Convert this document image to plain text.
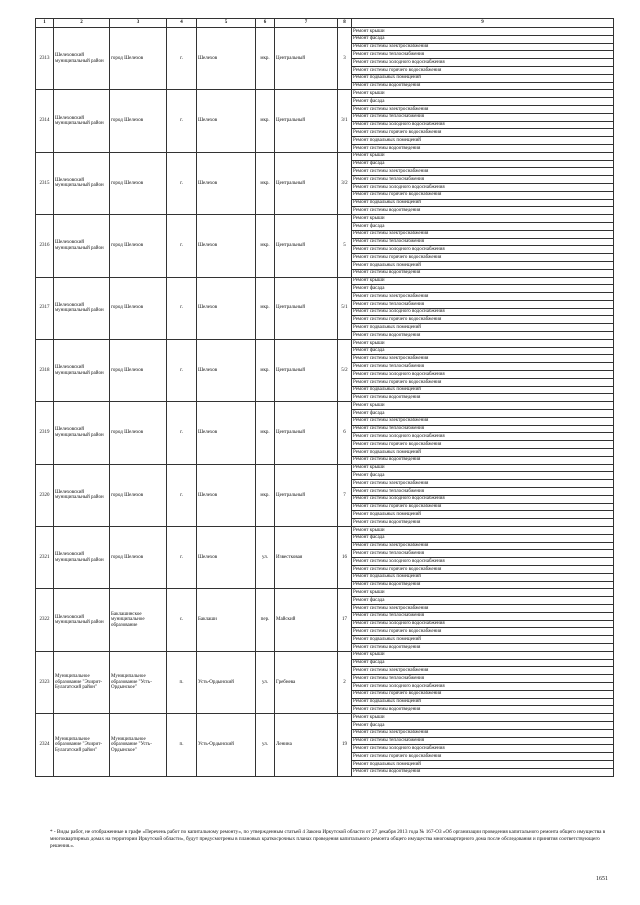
1	2	3	4	5	6	7	8	9
2313	Шелеховский муниципальный район	город Шелехов	г.	Шелехов	мкр.	Центральный	3	Ремонт крыши
								Ремонт фасада
								Ремонт системы электроснабжения
								Ремонт системы теплоснабжения
								Ремонт системы холодного водоснабжения
								Ремонт системы горячего водоснабжения
								Ремонт подвальных помещений
								Ремонт системы водоотведения
2314	Шелеховский муниципальный район	город Шелехов	г.	Шелехов	мкр.	Центральный	3/1	Ремонт крыши
								Ремонт фасада
								Ремонт системы электроснабжения
								Ремонт системы теплоснабжения
								Ремонт системы холодного водоснабжения
								Ремонт системы горячего водоснабжения
								Ремонт подвальных помещений
								Ремонт системы водоотведения
2315	Шелеховский муниципальный район	город Шелехов	г.	Шелехов	мкр.	Центральный	3/2	Ремонт крыши
								Ремонт фасада
								Ремонт системы электроснабжения
								Ремонт системы теплоснабжения
								Ремонт системы холодного водоснабжения
								Ремонт системы горячего водоснабжения
								Ремонт подвальных помещений
								Ремонт системы водоотведения
2316	Шелеховский муниципальный район	город Шелехов	г.	Шелехов	мкр.	Центральный	5	Ремонт крыши
								Ремонт фасада
								Ремонт системы электроснабжения
								Ремонт системы теплоснабжения
								Ремонт системы холодного водоснабжения
								Ремонт системы горячего водоснабжения
								Ремонт подвальных помещений
								Ремонт системы водоотведения
2317	Шелеховский муниципальный район	город Шелехов	г.	Шелехов	мкр.	Центральный	5/1	Ремонт крыши
								Ремонт фасада
								Ремонт системы электроснабжения
								Ремонт системы теплоснабжения
								Ремонт системы холодного водоснабжения
								Ремонт системы горячего водоснабжения
								Ремонт подвальных помещений
								Ремонт системы водоотведения
2318	Шелеховский муниципальный район	город Шелехов	г.	Шелехов	мкр.	Центральный	5/2	Ремонт крыши
								Ремонт фасада
								Ремонт системы электроснабжения
								Ремонт системы теплоснабжения
								Ремонт системы холодного водоснабжения
								Ремонт системы горячего водоснабжения
								Ремонт подвальных помещений
								Ремонт системы водоотведения
2319	Шелеховский муниципальный район	город Шелехов	г.	Шелехов	мкр.	Центральный	6	Ремонт крыши
								Ремонт фасада
								Ремонт системы электроснабжения
								Ремонт системы теплоснабжения
								Ремонт системы холодного водоснабжения
								Ремонт системы горячего водоснабжения
								Ремонт подвальных помещений
								Ремонт системы водоотведения
2320	Шелеховский муниципальный район	город Шелехов	г.	Шелехов	мкр.	Центральный	7	Ремонт крыши
								Ремонт фасада
								Ремонт системы электроснабжения
								Ремонт системы теплоснабжения
								Ремонт системы холодного водоснабжения
								Ремонт системы горячего водоснабжения
								Ремонт подвальных помещений
								Ремонт системы водоотведения
2321	Шелеховский муниципальный район	город Шелехов	г.	Шелехов	ул.	Известковая	16	Ремонт крыши
								Ремонт фасада
								Ремонт системы электроснабжения
								Ремонт системы теплоснабжения
								Ремонт системы холодного водоснабжения
								Ремонт системы горячего водоснабжения
								Ремонт подвальных помещений
								Ремонт системы водоотведения
2322	Шелеховский муниципальный район	Баклашинское муниципальное образование	с.	Баклаши	пер.	Майский	17	Ремонт крыши
								Ремонт фасада
								Ремонт системы электроснабжения
								Ремонт системы теплоснабжения
								Ремонт системы холодного водоснабжения
								Ремонт системы горячего водоснабжения
								Ремонт подвальных помещений
								Ремонт системы водоотведения
2323	Муниципальное образование "Эхирит-Булагатский район"	Муниципальное образование "Усть-Ордынское"	п.	Усть-Ордынский	ул.	Гребнева	2	Ремонт крыши
								Ремонт фасада
								Ремонт системы электроснабжения
								Ремонт системы теплоснабжения
								Ремонт системы холодного водоснабжения
								Ремонт системы горячего водоснабжения
								Ремонт подвальных помещений
								Ремонт системы водоотведения
2324	Муниципальное образование "Эхирит-Булагатский район"	Муниципальное образование "Усть-Ордынское"	п.	Усть-Ордынский	ул.	Ленина	19	Ремонт крыши
								Ремонт фасада
								Ремонт системы электроснабжения
								Ремонт системы теплоснабжения
								Ремонт системы холодного водоснабжения
								Ремонт системы горячего водоснабжения
								Ремонт подвальных помещений
								Ремонт системы водоотведения
* - Виды работ, не отображенные в графе «Перечень работ по капитальному ремонту», по утвержденным статьей 4 Закона Иркутской области от 27 декабря 2013 года № 167-ОЗ «Об организации проведения капитального ремонта общего имущества в многоквартирных домах на территории Иркутской области», будут предусмотрены в плановых краткосрочных планах проведения капитального ремонта общего имущества многоквартирного дома после обследования и принятия соответствующего решения.».
1651
